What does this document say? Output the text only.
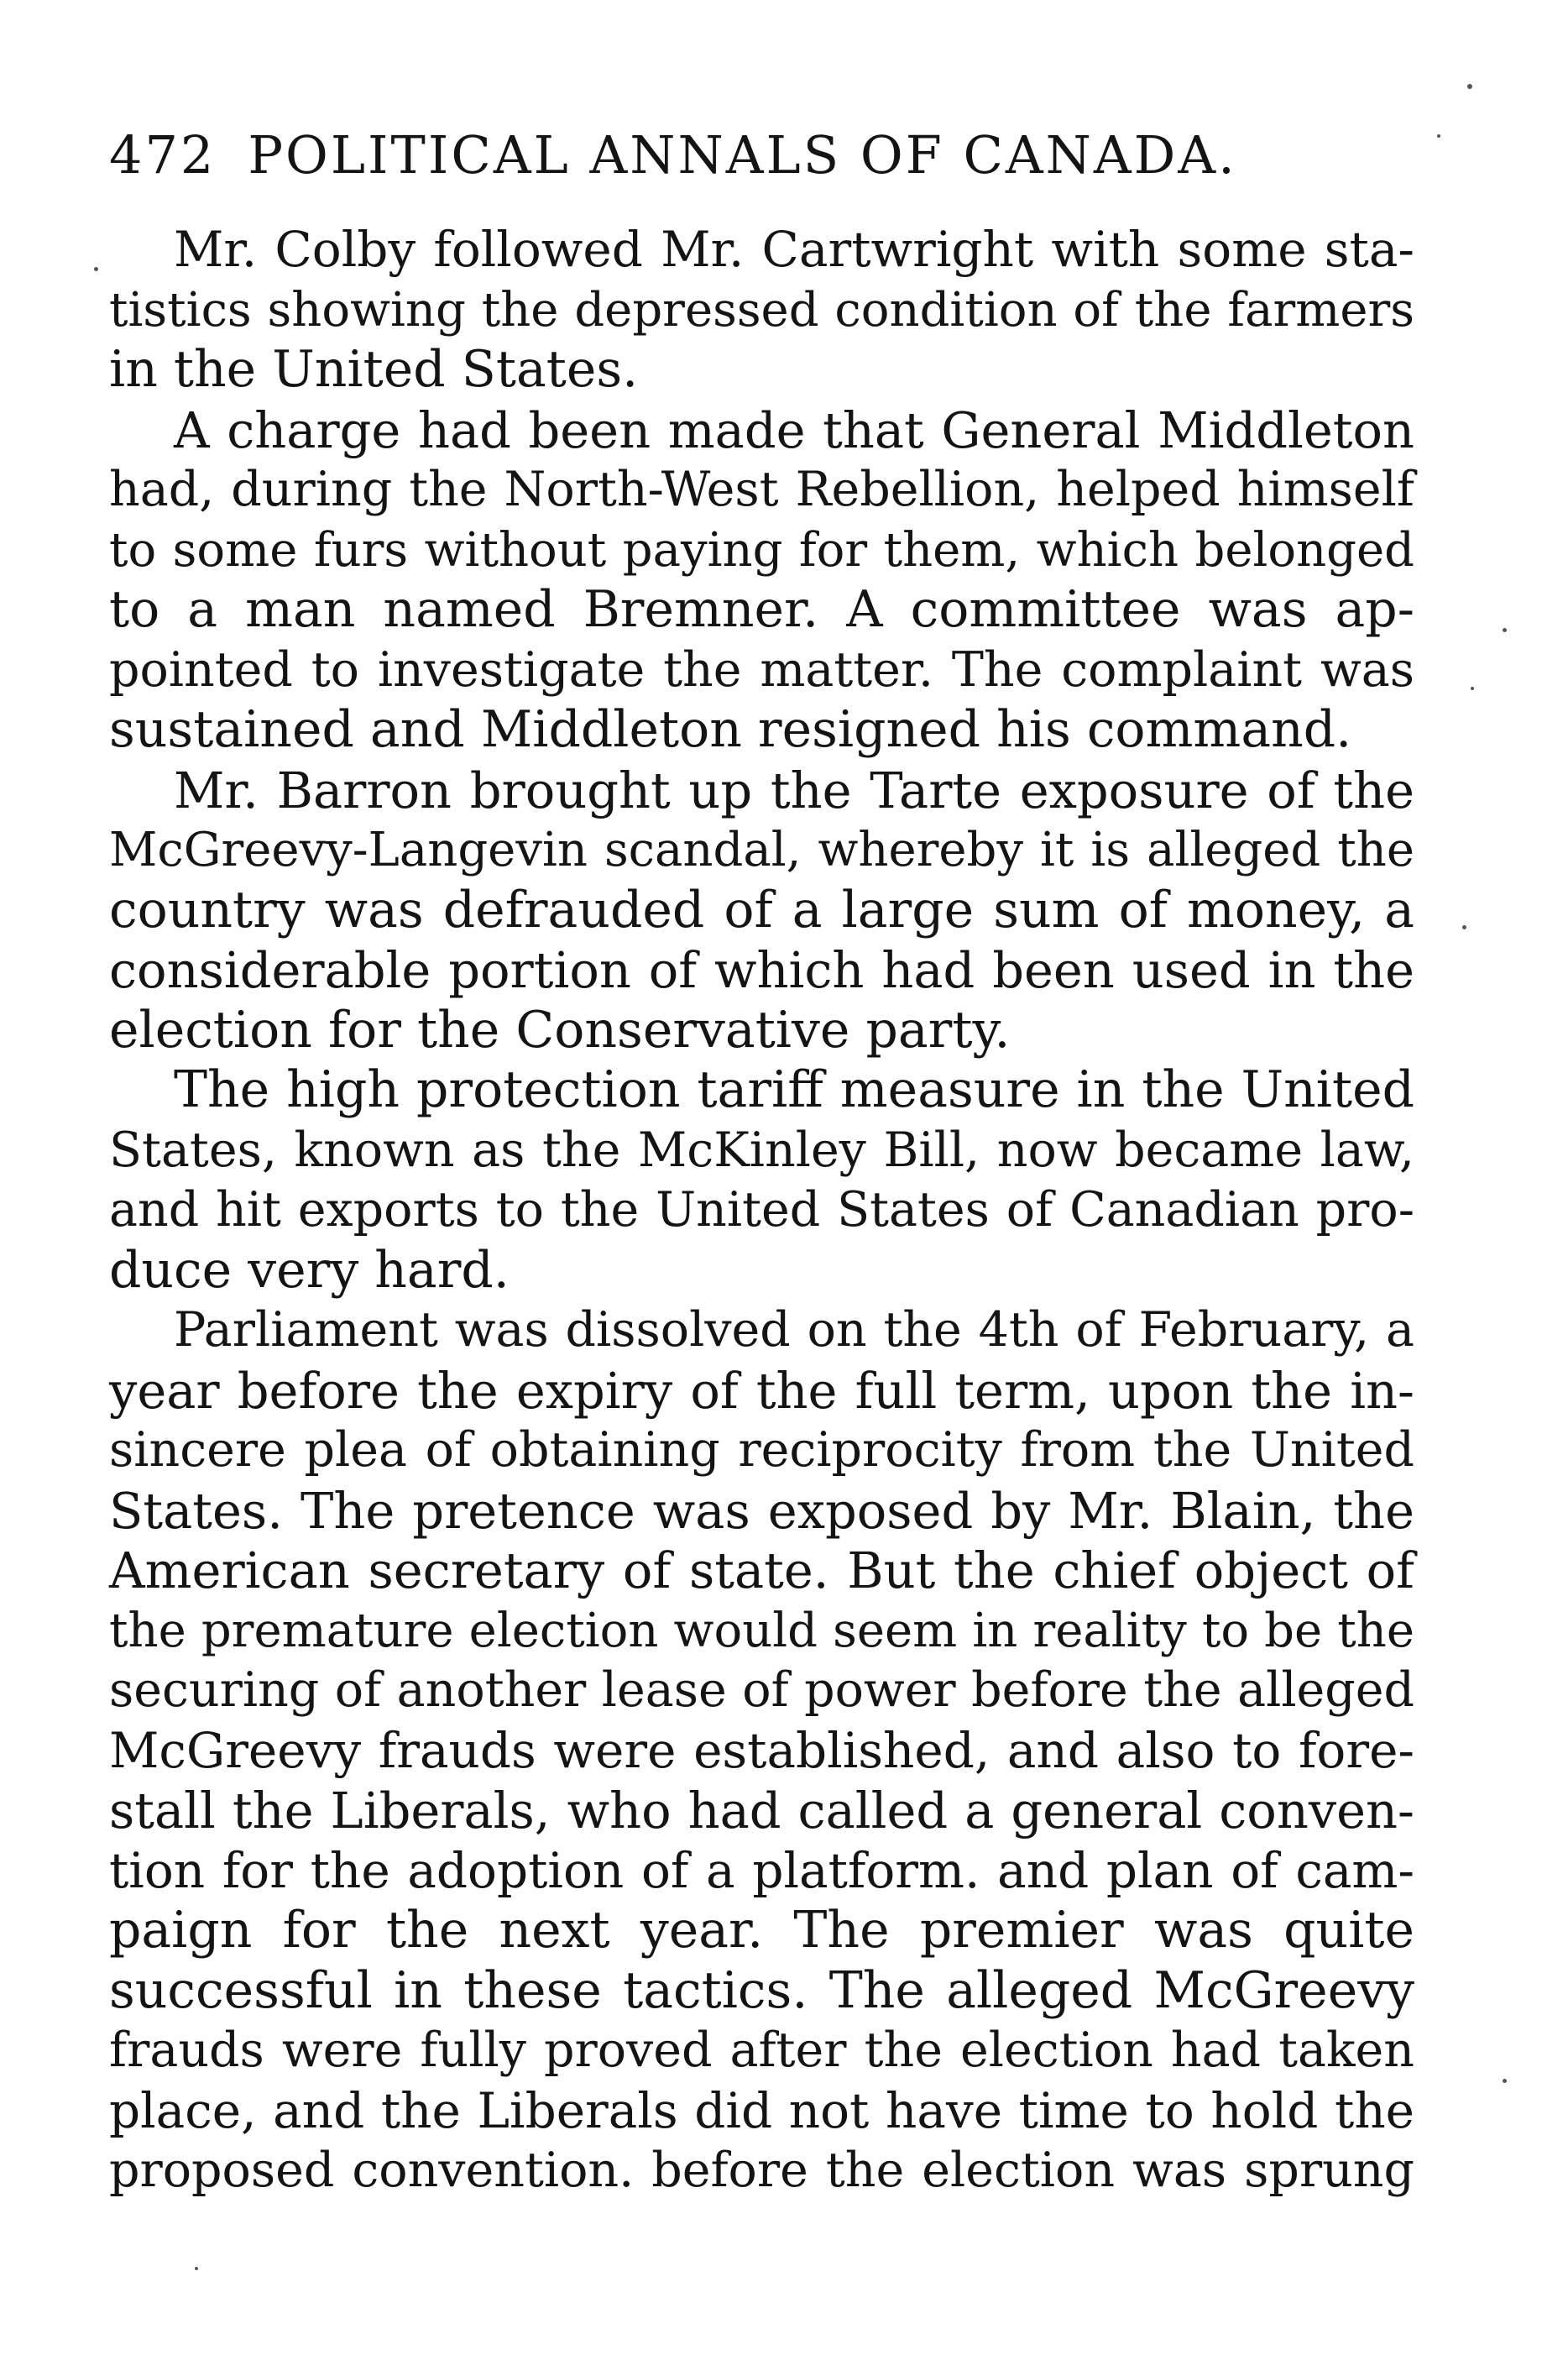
472 POLITICAL ANNALS OF CANADA.
Mr. Colby followed Mr. Cartwright with some sta-
tistics showing the depressed condition of the farmers
in the United States.
A charge had been made that General Middleton
had, during the North-West Rebellion, helped himself
to some furs without paying for them, which belonged
to a man named Bremner. A committee was ap-
pointed to investigate the matter. The complaint was
sustained and Middleton resigned his command.
Mr. Barron brought up the Tarte exposure of the
McGreevy-Langevin scandal, whereby it is alleged the
country was defrauded of a large sum of money, a
considerable portion of which had been used in the
election for the Conservative party.
The high protection tariff measure in the United
States, known as the McKinley Bill, now became law,
and hit exports to the United States of Canadian pro-
duce very hard.
Parliament was dissolved on the 4th of February, a
year before the expiry of the full term, upon the in-
sincere plea of obtaining reciprocity from the United
States. The pretence was exposed by Mr. Blain, the
American secretary of state. But the chief object of
the premature election would seem in reality to be the
securing of another lease of power before the alleged
McGreevy frauds were established, and also to fore-
stall the Liberals, who had called a general conven-
tion for the adoption of a platform. and plan of cam-
paign for the next year. The premier was quite
successful in these tactics. The alleged McGreevy
frauds were fully proved after the election had taken
place, and the Liberals did not have time to hold the
proposed convention. before the election was sprung
